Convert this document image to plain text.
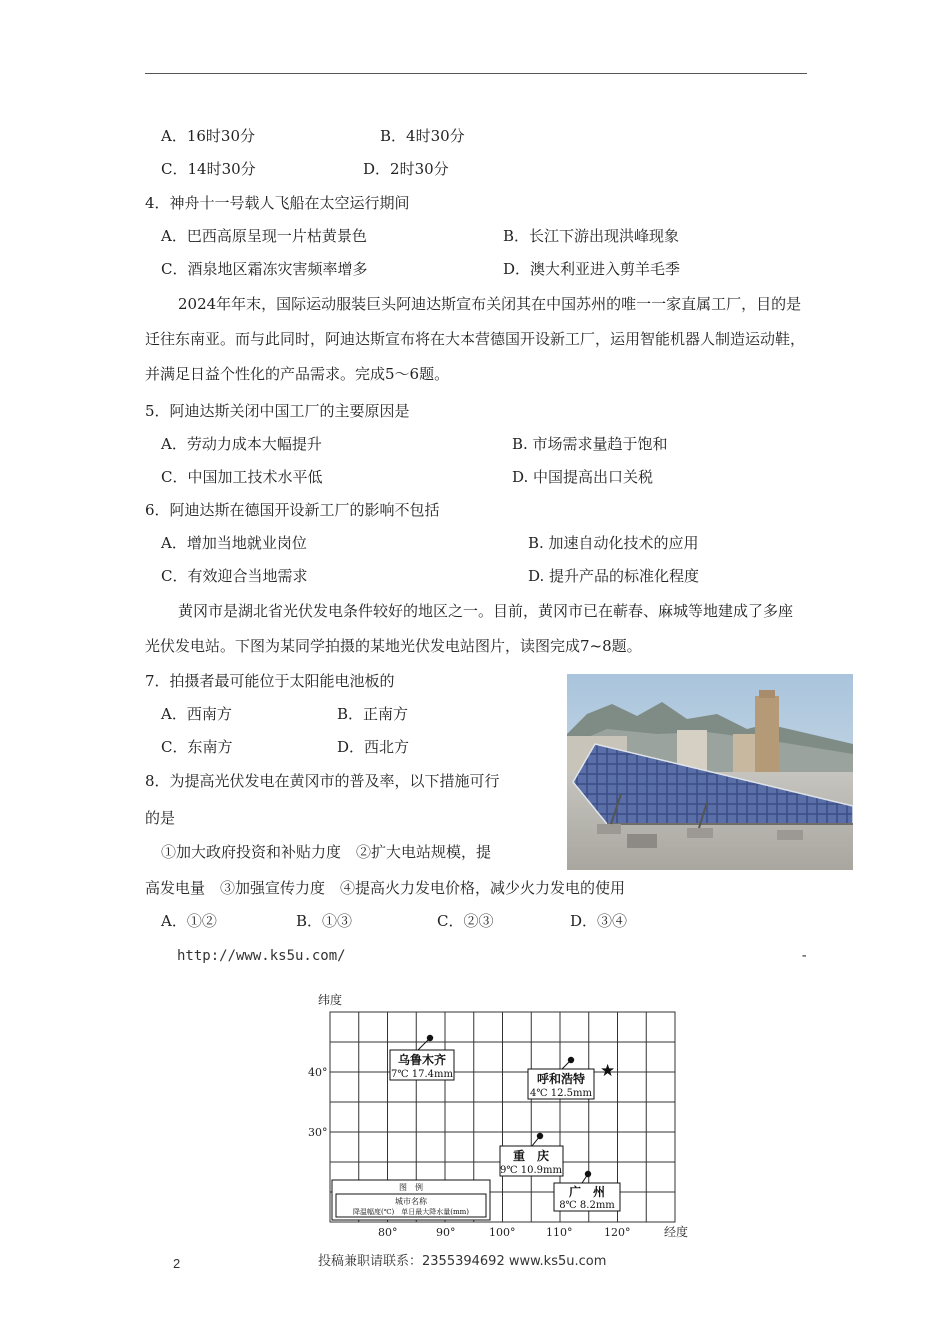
A．16时30分	B．4时30分
C．14时30分	D．2时30分
4．神舟十一号载人飞船在太空运行期间
A．巴西高原呈现一片枯黄景色	B．长江下游出现洪峰现象
C．酒泉地区霜冻灾害频率增多	D．澳大利亚进入剪羊毛季
2024年年末，国际运动服装巨头阿迪达斯宣布关闭其在中国苏州的唯一一家直属工厂，目的是迁往东南亚。而与此同时，阿迪达斯宣布将在大本营德国开设新工厂，运用智能机器人制造运动鞋，并满足日益个性化的产品需求。完成5～6题。
5．阿迪达斯关闭中国工厂的主要原因是
A．劳动力成本大幅提升	B. 市场需求量趋于饱和
C．中国加工技术水平低	D. 中国提高出口关税
6．阿迪达斯在德国开设新工厂的影响不包括
A．增加当地就业岗位	B. 加速自动化技术的应用
C．有效迎合当地需求	D. 提升产品的标准化程度
黄冈市是湖北省光伏发电条件较好的地区之一。目前，黄冈市已在蕲春、麻城等地建成了多座光伏发电站。下图为某同学拍摄的某地光伏发电站图片，读图完成7~8题。
7．拍摄者最可能位于太阳能电池板的
A．西南方	B．正南方
C．东南方	D．西北方
8．为提高光伏发电在黄冈市的普及率，以下措施可行
的是
①加大政府投资和补贴力度　②扩大电站规模，提
高发电量　③加强宣传力度　④提高火力发电价格，减少火力发电的使用
A．①②	B．①③	C．②③	D．③④
http://www.ks5u.com/	-
纬度
经度
40°
30°
80°	90°	100°	110°	120°
乌鲁木齐
7℃ 17.4mm	呼和浩特
4℃ 12.5mm
★
重　庆
9℃ 10.9mm
广　州
8℃ 8.2mm
图　例
城市名称
降温幅度(℃)　单日最大降水量(mm)
投稿兼职请联系：2355394692 www.ks5u.com
2
